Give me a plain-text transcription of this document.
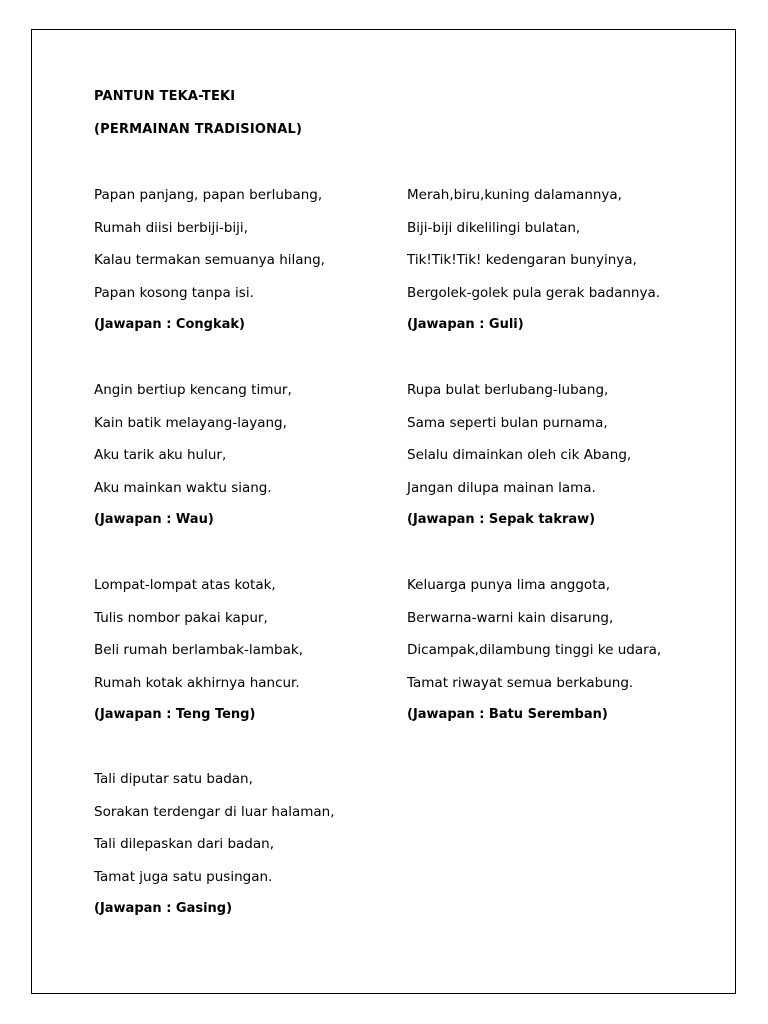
PANTUN TEKA-TEKI
(PERMAINAN TRADISIONAL)
Papan panjang, papan berlubang,
Rumah diisi berbiji-biji,
Kalau termakan semuanya hilang,
Papan kosong tanpa isi.
(Jawapan : Congkak)
Merah,biru,kuning dalamannya,
Biji-biji dikelilingi bulatan,
Tik!Tik!Tik! kedengaran bunyinya,
Bergolek-golek pula gerak badannya.
(Jawapan : Guli)
Angin bertiup kencang timur,
Kain batik melayang-layang,
Aku tarik aku hulur,
Aku mainkan waktu siang.
(Jawapan : Wau)
Rupa bulat berlubang-lubang,
Sama seperti bulan purnama,
Selalu dimainkan oleh cik Abang,
Jangan dilupa mainan lama.
(Jawapan : Sepak takraw)
Lompat-lompat atas kotak,
Tulis nombor pakai kapur,
Beli rumah berlambak-lambak,
Rumah kotak akhirnya hancur.
(Jawapan : Teng Teng)
Keluarga punya lima anggota,
Berwarna-warni kain disarung,
Dicampak,dilambung tinggi ke udara,
Tamat riwayat semua berkabung.
(Jawapan : Batu Seremban)
Tali diputar satu badan,
Sorakan terdengar di luar halaman,
Tali dilepaskan dari badan,
Tamat juga satu pusingan.
(Jawapan : Gasing)
